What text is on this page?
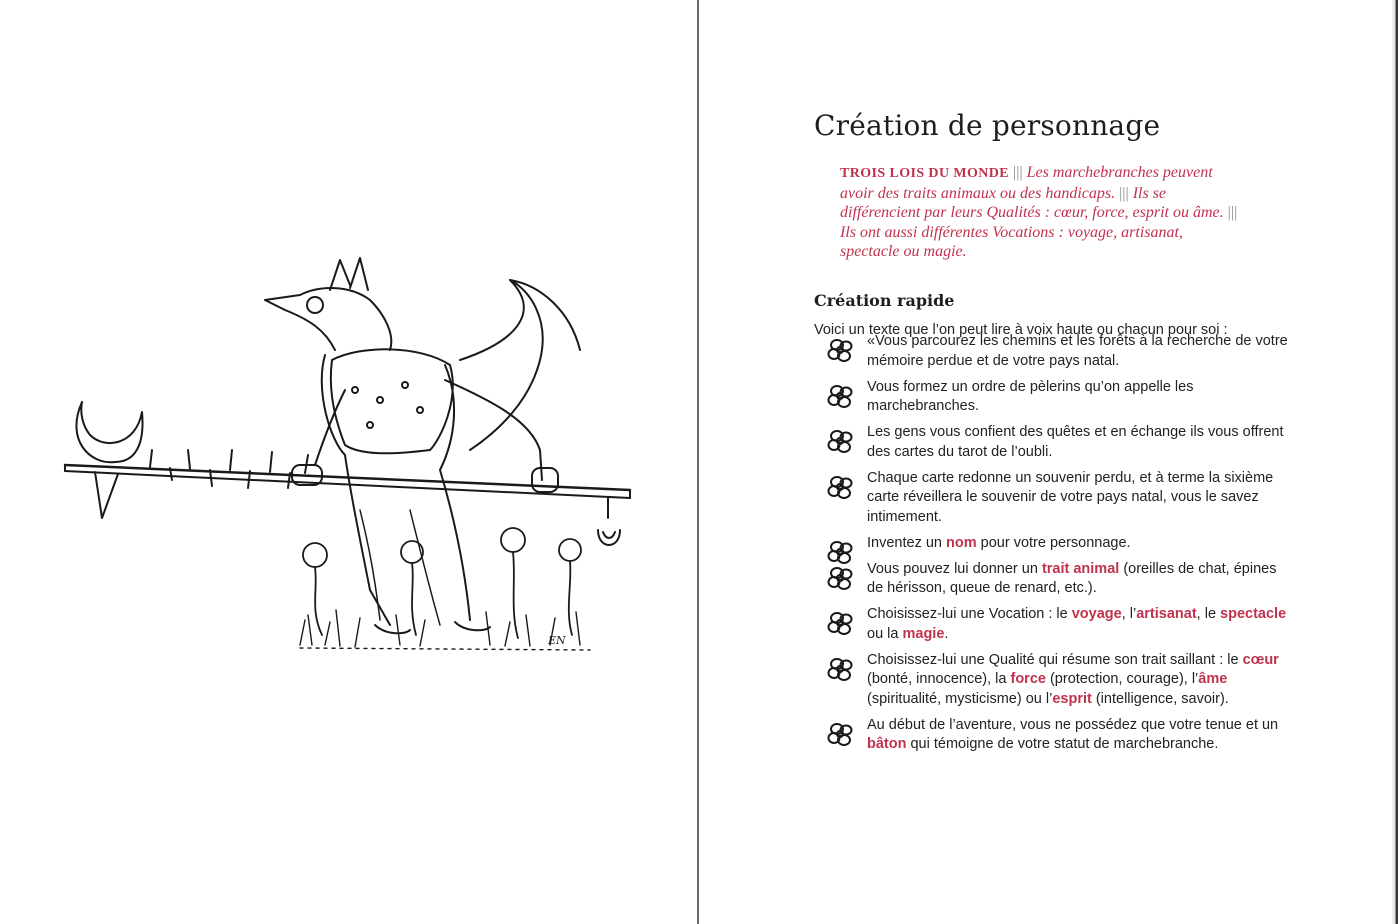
EN
Création de personnage
TROIS LOIS DU MONDE ||| Les marchebranches peuvent avoir des traits animaux ou des handicaps. ||| Ils se différencient par leurs Qualités : cœur, force, esprit ou âme. ||| Ils ont aussi différentes Vocations : voyage, artisanat, spectacle ou magie.
Création rapide

Voici un texte que l’on peut lire à voix haute ou chacun pour soi :

«Vous parcourez les chemins et les forêts à la recherche de votre mémoire perdue et de votre pays natal.
Vous formez un ordre de pèlerins qu’on appelle les marchebranches.
Les gens vous confient des quêtes et en échange ils vous offrent des cartes du tarot de l’oubli.
Chaque carte redonne un souvenir perdu, et à terme la sixième carte réveillera le souvenir de votre pays natal, vous le savez intimement.
Inventez un nom pour votre personnage.
Vous pouvez lui donner un trait animal (oreilles de chat, épines de hérisson, queue de renard, etc.).
Choisissez-lui une Vocation : le voyage, l’artisanat, le spectacle ou la magie.
Choisissez-lui une Qualité qui résume son trait saillant : le cœur (bonté, innocence), la force (protection, courage), l’âme (spiritualité, mysticisme) ou l’esprit (intelligence, savoir).
Au début de l’aventure, vous ne possédez que votre tenue et un bâton qui témoigne de votre statut de marchebranche.
